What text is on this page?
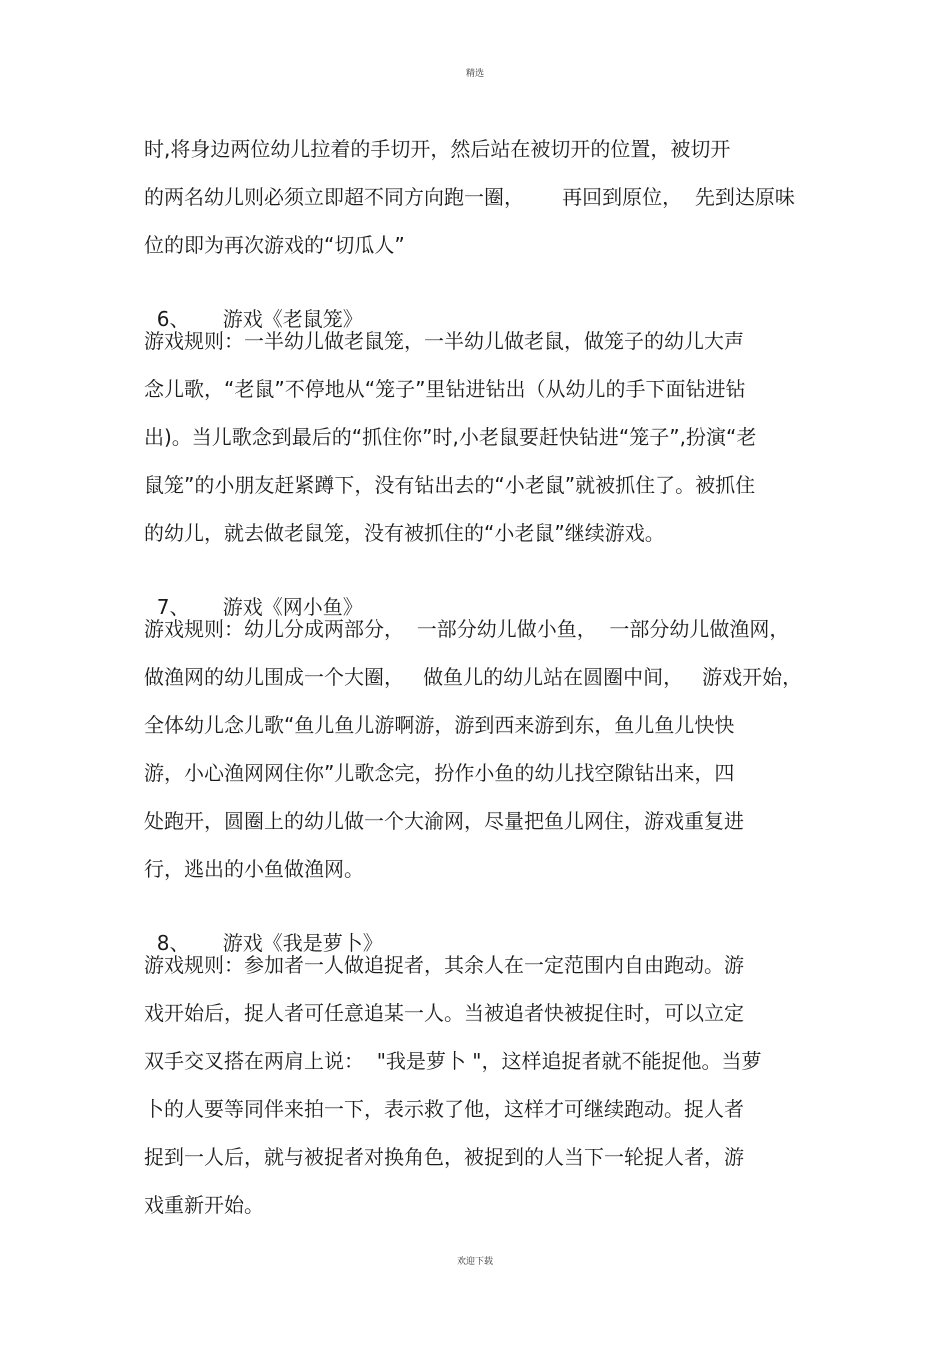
精选
时,将身边两位幼儿拉着的手切开，然后站在被切开的位置，被切开
的两名幼儿则必须立即超不同方向跑一圈，      再回到原位，  先到达原味
位的即为再次游戏的“切瓜人”

6、 游戏《老鼠笼》

游戏规则：一半幼儿做老鼠笼，一半幼儿做老鼠，做笼子的幼儿大声
念儿歌，“老鼠”不停地从“笼子”里钻进钻出（从幼儿的手下面钻进钻
出)。当儿歌念到最后的“抓住你”时,小老鼠要赶快钻进“笼子”,扮演“老
鼠笼”的小朋友赶紧蹲下，没有钻出去的“小老鼠”就被抓住了。被抓住
的幼儿，就去做老鼠笼，没有被抓住的“小老鼠”继续游戏。

7、 游戏《网小鱼》

游戏规则：幼儿分成两部分，  一部分幼儿做小鱼，  一部分幼儿做渔网，
做渔网的幼儿围成一个大圈，   做鱼儿的幼儿站在圆圈中间，   游戏开始，
全体幼儿念儿歌“鱼儿鱼儿游啊游，游到西来游到东，鱼儿鱼儿快快
游，小心渔网网住你”儿歌念完，扮作小鱼的幼儿找空隙钻出来，四
处跑开，圆圈上的幼儿做一个大渝网，尽量把鱼儿网住，游戏重复进
行，逃出的小鱼做渔网。

8、 游戏《我是萝卜》

游戏规则：参加者一人做追捉者，其余人在一定范围内自由跑动。游
戏开始后，捉人者可任意追某一人。当被追者快被捉住时，可以立定
双手交叉搭在两肩上说：  "我是萝卜 "，这样追捉者就不能捉他。当萝
卜的人要等同伴来拍一下，表示救了他，这样才可继续跑动。捉人者
捉到一人后，就与被捉者对换角色，被捉到的人当下一轮捉人者，游
戏重新开始。
欢迎下载
